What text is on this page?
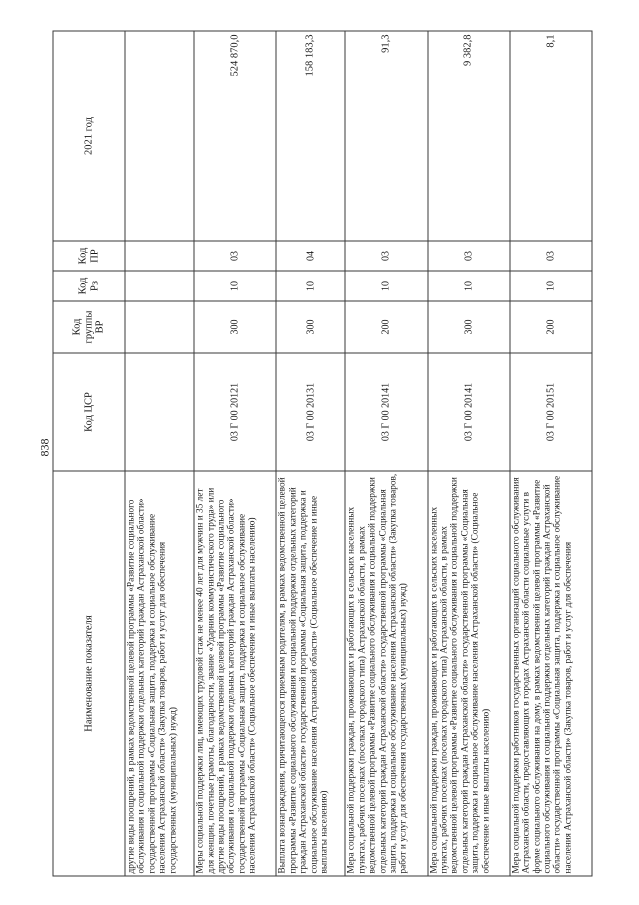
838
Наименование показателя	Код ЦСР	Код группы ВР	Код Рз	Код ПР	2021 год
другие виды поощрений, в рамках ведомственной целевой программы «Развитие социального обслуживания и социальной поддержки отдельных категорий граждан Астраханской области» государственной программы «Социальная защита, поддержка и социальное обслуживание населения Астраханской области» (Закупка товаров, работ и услуг для обеспечения государственных (муниципальных) нужд)					
Меры социальной поддержки лиц, имеющих трудовой стаж не менее 40 лет для мужчин и 35 лет для женщин, почетные грамоты, благодарности, звание «Ударник коммунистического труда» или другие виды поощрений, в рамках ведомственной целевой программы «Развитие социального обслуживания и социальной поддержки отдельных категорий граждан Астраханской области» государственной программы «Социальная защита, поддержка и социальное обслуживание населения Астраханской области» (Социальное обеспечение и иные выплаты населению)	03 Г 00 20121	300	10	03	524 870,0
Выплата вознаграждения, причитающегося приемным родителям, в рамках ведомственной целевой программы «Развитие социального обслуживания и социальной поддержки отдельных категорий граждан Астраханской области» государственной программы «Социальная защита, поддержка и социальное обслуживание населения Астраханской области» (Социальное обеспечение и иные выплаты населению)	03 Г 00 20131	300	10	04	158 183,3
Мера социальной поддержки граждан, проживающих и работающих в сельских населенных пунктах, рабочих поселках (поселках городского типа) Астраханской области, в рамках ведомственной целевой программы «Развитие социального обслуживания и социальной поддержки отдельных категорий граждан Астраханской области» государственной программы «Социальная защита, поддержка и социальное обслуживание населения Астраханской области» (Закупка товаров, работ и услуг для обеспечения государственных (муниципальных) нужд)	03 Г 00 20141	200	10	03	91,3
Мера социальной поддержки граждан, проживающих и работающих в сельских населенных пунктах, рабочих поселках (поселках городского типа) Астраханской области, в рамках ведомственной целевой программы «Развитие социального обслуживания и социальной поддержки отдельных категорий граждан Астраханской области» государственной программы «Социальная защита, поддержка и социальное обслуживание населения Астраханской области» (Социальное обеспечение и иные выплаты населению)	03 Г 00 20141	300	10	03	9 382,8
Мера социальной поддержки работников государственных организаций социального обслуживания Астраханской области, предоставляющих в городах Астраханской области социальные услуги в форме социального обслуживания на дому, в рамках ведомственной целевой программы «Развитие социального обслуживания и социальной поддержки отдельных категорий граждан Астраханской области» государственной программы «Социальная защита, поддержка и социальное обслуживание населения Астраханской области» (Закупка товаров, работ и услуг для обеспечения	03 Г 00 20151	200	10	03	8,1
